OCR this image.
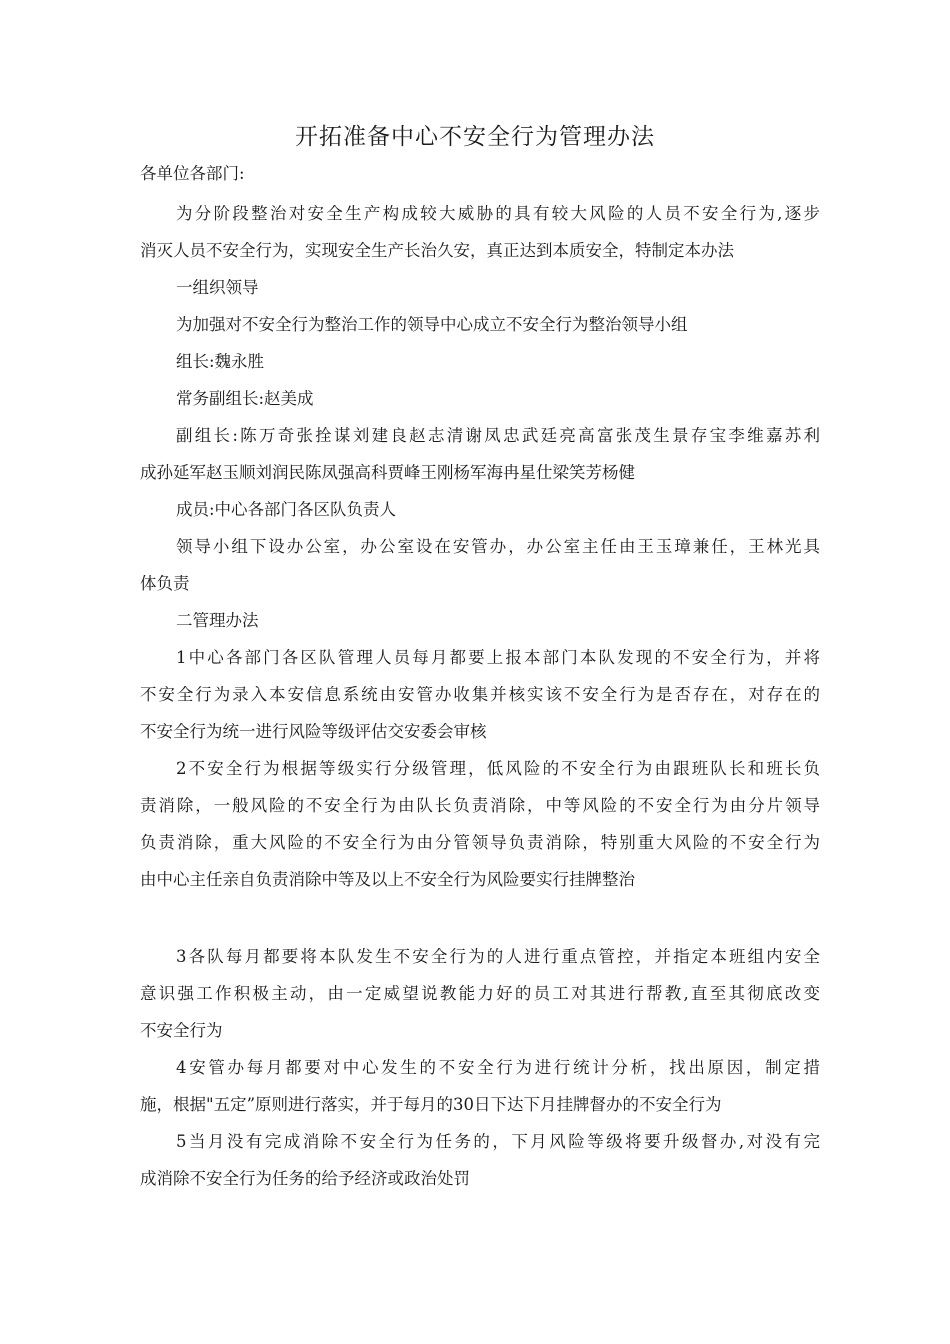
开拓准备中心不安全行为管理办法
各单位各部门:
为分阶段整治对安全生产构成较大威胁的具有较大风险的人员不安全行为,逐步
消灭人员不安全行为，实现安全生产长治久安，真正达到本质安全，特制定本办法
一组织领导
为加强对不安全行为整治工作的领导中心成立不安全行为整治领导小组
组长:魏永胜
常务副组长:赵美成
副组长:陈万奇张拴谋刘建良赵志清谢凤忠武廷亮高富张茂生景存宝李维嘉苏利
成孙延军赵玉顺刘润民陈凤强高科贾峰王刚杨军海冉星仕梁笑芳杨健
成员:中心各部门各区队负责人
领导小组下设办公室，办公室设在安管办，办公室主任由王玉璋兼任，王林光具
体负责
二管理办法
1中心各部门各区队管理人员每月都要上报本部门本队发现的不安全行为，并将
不安全行为录入本安信息系统由安管办收集并核实该不安全行为是否存在，对存在的
不安全行为统一进行风险等级评估交安委会审核
2不安全行为根据等级实行分级管理，低风险的不安全行为由跟班队长和班长负
责消除，一般风险的不安全行为由队长负责消除，中等风险的不安全行为由分片领导
负责消除，重大风险的不安全行为由分管领导负责消除，特别重大风险的不安全行为
由中心主任亲自负责消除中等及以上不安全行为风险要实行挂牌整治
3各队每月都要将本队发生不安全行为的人进行重点管控，并指定本班组内安全
意识强工作积极主动，由一定威望说教能力好的员工对其进行帮教,直至其彻底改变
不安全行为
4安管办每月都要对中心发生的不安全行为进行统计分析，找出原因，制定措
施，根据"五定”原则进行落实，并于每月的30日下达下月挂牌督办的不安全行为
5当月没有完成消除不安全行为任务的，下月风险等级将要升级督办,对没有完
成消除不安全行为任务的给予经济或政治处罚
